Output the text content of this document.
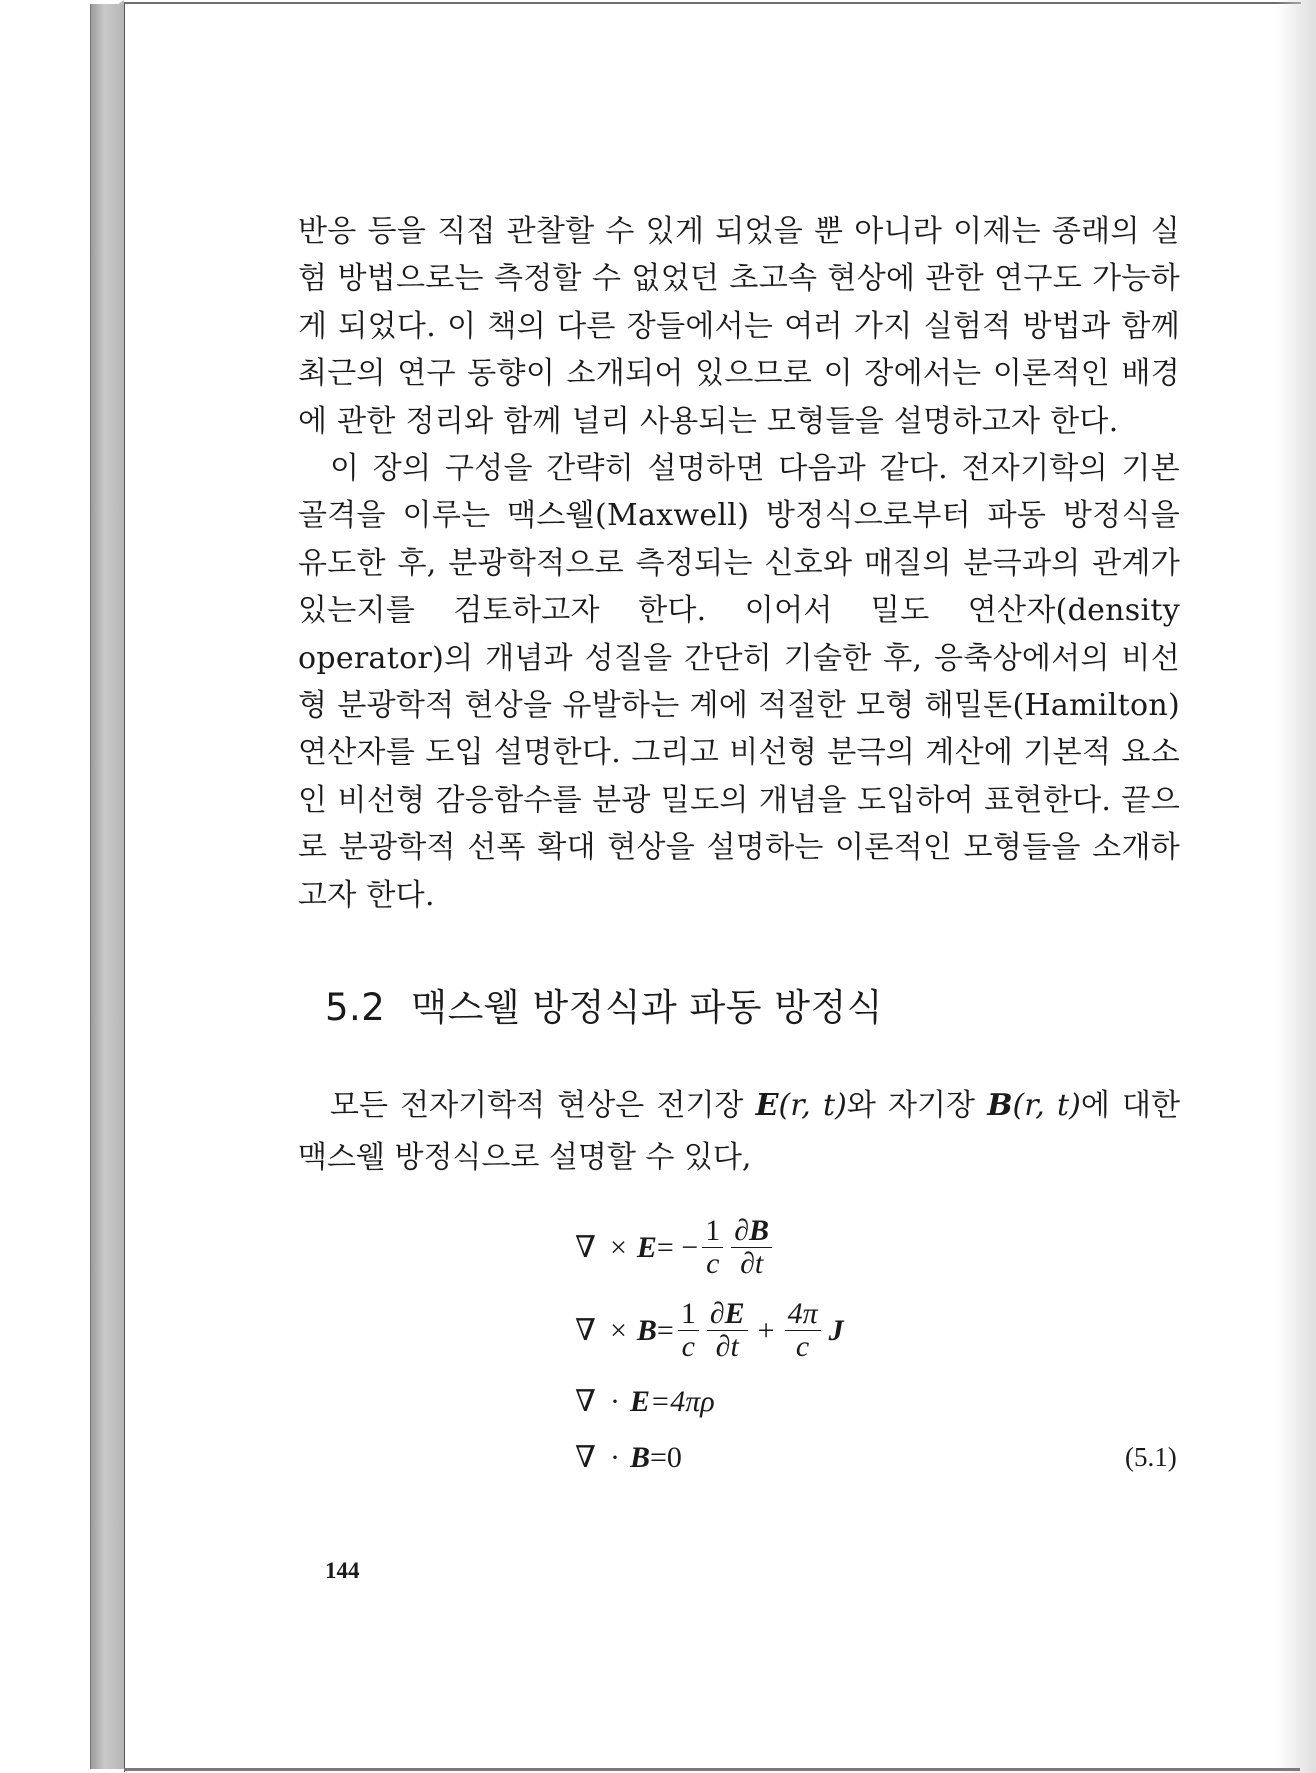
반응 등을 직접 관찰할 수 있게 되었을 뿐 아니라 이제는 종래의 실험 방법으로는 측정할 수 없었던 초고속 현상에 관한 연구도 가능하게 되었다. 이 책의 다른 장들에서는 여러 가지 실험적 방법과 함께 최근의 연구 동향이 소개되어 있으므로 이 장에서는 이론적인 배경에 관한 정리와 함께 널리 사용되는 모형들을 설명하고자 한다.

이 장의 구성을 간략히 설명하면 다음과 같다. 전자기학의 기본 골격을 이루는 맥스웰(Maxwell) 방정식으로부터 파동 방정식을 유도한 후, 분광학적으로 측정되는 신호와 매질의 분극과의 관계가 있는지를 검토하고자 한다. 이어서 밀도 연산자(density operator)의 개념과 성질을 간단히 기술한 후, 응축상에서의 비선형 분광학적 현상을 유발하는 계에 적절한 모형 해밀톤(Hamilton) 연산자를 도입 설명한다. 그리고 비선형 분극의 계산에 기본적 요소인 비선형 감응함수를 분광 밀도의 개념을 도입하여 표현한다. 끝으로 분광학적 선폭 확대 현상을 설명하는 이론적인 모형들을 소개하고자 한다.

5.2 맥스웰 방정식과 파동 방정식

모든 전자기학적 현상은 전기장 E(r, t)와 자기장 B(r, t)에 대한 맥스웰 방정식으로 설명할 수 있다,

∇ × E = − $\frac{1}{c} \frac{\partial B}{\partial t}$
∇ × $B = \frac{1}{c} \frac{\partial E}{\partial t} + \frac{4\pi}{c}$ J
∇ · E =4πρ
∇ · B =0	(5.1)
144
